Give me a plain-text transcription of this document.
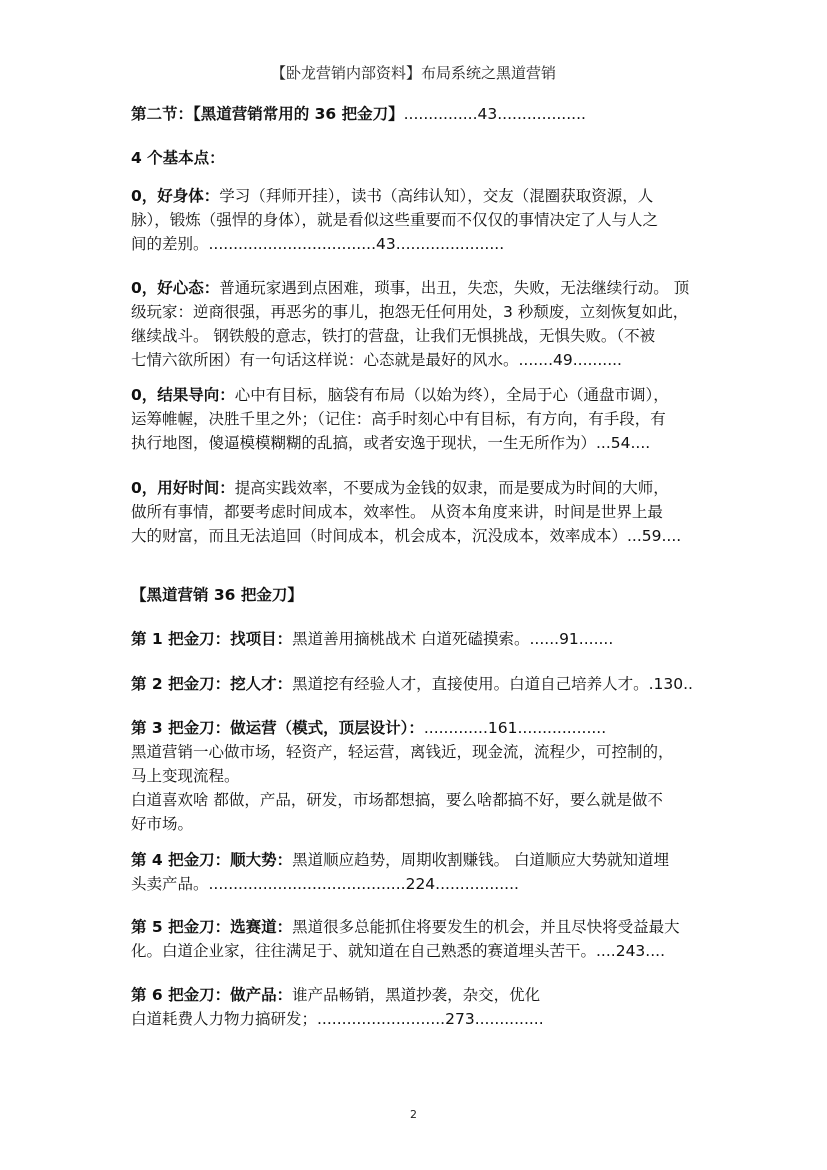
【卧龙营销内部资料】布局系统之黑道营销
第二节：【黑道营销常用的 36 把金刀】...............43..................
4 个基本点：
0，好身体：学习（拜师开挂），读书（高纬认知），交友（混圈获取资源，人
脉），锻炼（强悍的身体），就是看似这些重要而不仅仅的事情决定了人与人之
间的差别。..................................43......................
0，好心态：普通玩家遇到点困难，琐事，出丑，失恋，失败，无法继续行动。 顶
级玩家：逆商很强，再恶劣的事儿，抱怨无任何用处，3 秒颓废，立刻恢复如此，
继续战斗。 钢铁般的意志，铁打的营盘，让我们无惧挑战，无惧失败。（不被
七情六欲所困）有一句话这样说：心态就是最好的风水。.......49..........
0，结果导向：心中有目标，脑袋有布局（以始为终），全局于心（通盘市调），
运筹帷幄，决胜千里之外；（记住：高手时刻心中有目标，有方向，有手段，有
执行地图，傻逼模模糊糊的乱搞，或者安逸于现状，一生无所作为）...54....
0，用好时间：提高实践效率，不要成为金钱的奴隶，而是要成为时间的大师，
做所有事情，都要考虑时间成本，效率性。 从资本角度来讲，时间是世界上最
大的财富，而且无法追回（时间成本，机会成本，沉没成本，效率成本）...59....
【黑道营销 36 把金刀】
第 1 把金刀：找项目：黑道善用摘桃战术 白道死磕摸索。......91.......
第 2 把金刀：挖人才：黑道挖有经验人才，直接使用。白道自己培养人才。.130..
第 3 把金刀：做运营（模式，顶层设计）：.............161..................
黑道营销一心做市场，轻资产，轻运营，离钱近，现金流，流程少，可控制的，
马上变现流程。
白道喜欢啥 都做，产品，研发，市场都想搞，要么啥都搞不好，要么就是做不
好市场。
第 4 把金刀：顺大势：黑道顺应趋势，周期收割赚钱。 白道顺应大势就知道埋
头卖产品。........................................224.................
第 5 把金刀：选赛道：黑道很多总能抓住将要发生的机会，并且尽快将受益最大
化。白道企业家，往往满足于、就知道在自己熟悉的赛道埋头苦干。....243....
第 6 把金刀：做产品：谁产品畅销，黑道抄袭，杂交，优化
白道耗费人力物力搞研发；..........................273..............
2
